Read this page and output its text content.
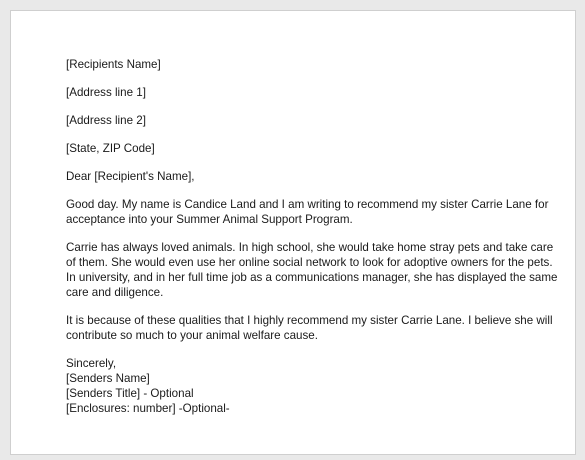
[Recipients Name]
[Address line 1]
[Address line 2]
[State, ZIP Code]
Dear [Recipient's Name],
Good day. My name is Candice Land and I am writing to recommend my sister Carrie Lane for
acceptance into your Summer Animal Support Program.
Carrie has always loved animals. In high school, she would take home stray pets and take care
of them. She would even use her online social network to look for adoptive owners for the pets.
In university, and in her full time job as a communications manager, she has displayed the same
care and diligence.
It is because of these qualities that I highly recommend my sister Carrie Lane. I believe she will
contribute so much to your animal welfare cause.
Sincerely,
[Senders Name]
[Senders Title] - Optional
[Enclosures: number] -Optional-
